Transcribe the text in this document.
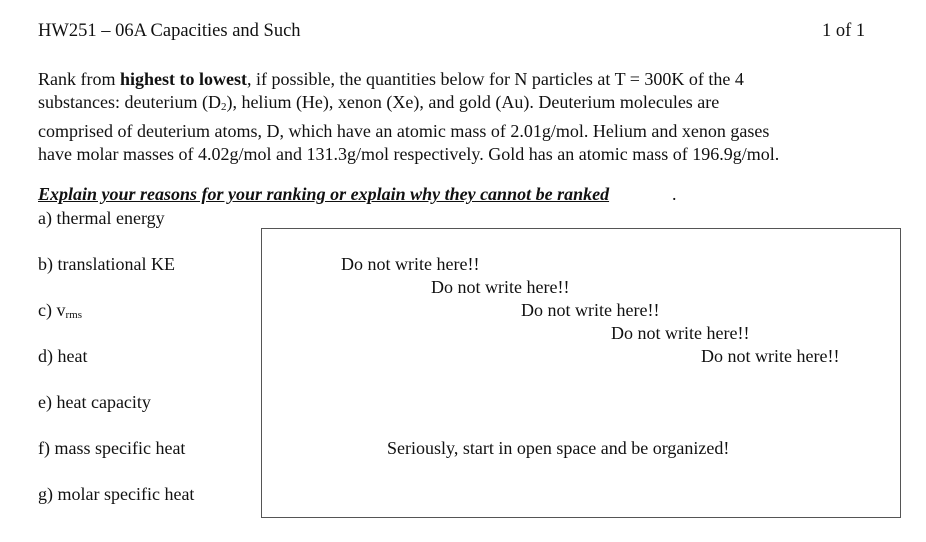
HW251 – 06A Capacities and Such	1 of 1
Rank from highest to lowest, if possible, the quantities below for N particles at T = 300K of the 4
substances: deuterium $(D_2)$, helium (He), xenon (Xe), and gold (Au). Deuterium molecules are
comprised of deuterium atoms, D, which have an atomic mass of 2.01g/mol. Helium and xenon gases
have molar masses of 4.02g/mol and 131.3g/mol respectively. Gold has an atomic mass of 196.9g/mol.
Explain your reasons for your ranking or explain why they cannot be ranked	.
a) thermal energy
b) translational KE
c) $v_{rms}$
d) heat
e) heat capacity
f) mass specific heat
g) molar specific heat
Do not write here!!
Do not write here!!
Do not write here!!
Do not write here!!
Do not write here!!
Seriously, start in open space and be organized!
